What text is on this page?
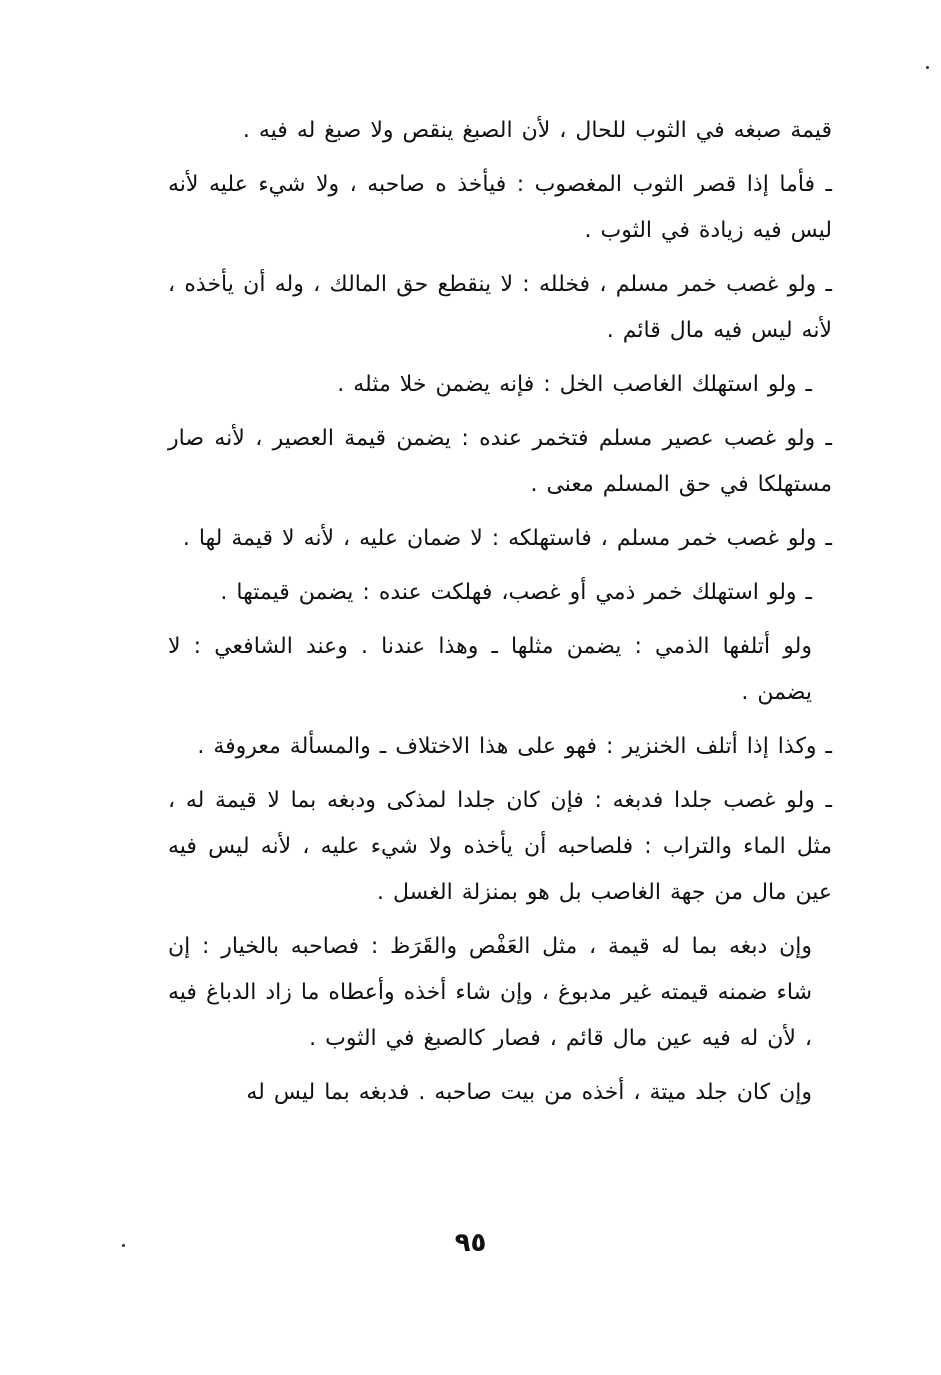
قيمة صبغه في الثوب للحال ، لأن الصبغ ينقص ولا صبغ له فيه .

ـ فأما إذا قصر الثوب المغصوب : فيأخذ ه صاحبه ، ولا شيء عليه لأنه ليس فيه زيادة في الثوب .

ـ ولو غصب خمر مسلم ، فخلله : لا ينقطع حق المالك ، وله أن يأخذه ، لأنه ليس فيه مال قائم .

ـ ولو استهلك الغاصب الخل : فإنه يضمن خلا مثله .

ـ ولو غصب عصير مسلم فتخمر عنده : يضمن قيمة العصير ، لأنه صار مستهلكا في حق المسلم معنى .

ـ ولو غصب خمر مسلم ، فاستهلكه : لا ضمان عليه ، لأنه لا قيمة لها .

ـ ولو استهلك خمر ذمي أو غصب، فهلكت عنده : يضمن قيمتها .

ولو أتلفها الذمي : يضمن مثلها ـ وهذا عندنا . وعند الشافعي : لا يضمن .

ـ وكذا إذا أتلف الخنزير : فهو على هذا الاختلاف ـ والمسألة معروفة .

ـ ولو غصب جلدا فدبغه : فإن كان جلدا لمذكى ودبغه بما لا قيمة له ، مثل الماء والتراب : فلصاحبه أن يأخذه ولا شيء عليه ، لأنه ليس فيه عين مال من جهة الغاصب بل هو بمنزلة الغسل .

وإن دبغه بما له قيمة ، مثل العَفْص والقَرَظ : فصاحبه بالخيار : إن شاء ضمنه قيمته غير مدبوغ ، وإن شاء أخذه وأعطاه ما زاد الدباغ فيه ، لأن له فيه عين مال قائم ، فصار كالصبغ في الثوب .

وإن كان جلد ميتة ، أخذه من بيت صاحبه . فدبغه بما ليس له

٩٥
